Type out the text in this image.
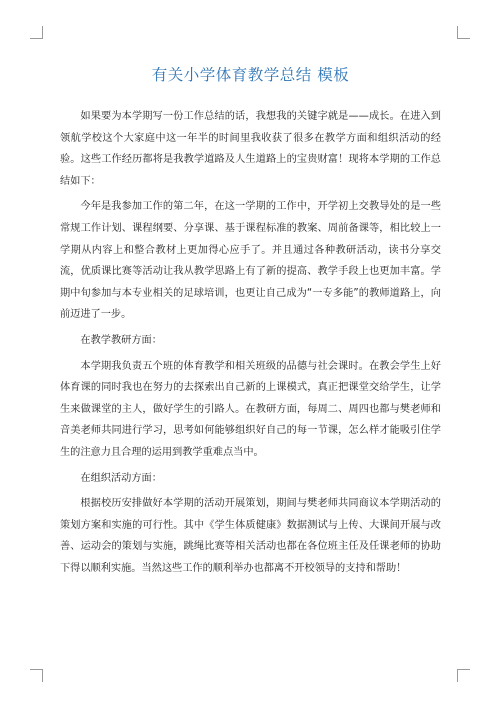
有关小学体育教学总结 模板

如果要为本学期写一份工作总结的话，我想我的关键字就是——成长。在进入到领航学校这个大家庭中这一年半的时间里我收获了很多在教学方面和组织活动的经验。这些工作经历都将是我教学道路及人生道路上的宝贵财富！现将本学期的工作总结如下：

今年是我参加工作的第二年，在这一学期的工作中，开学初上交教导处的是一些常规工作计划、课程纲要、分享课、基于课程标准的教案、周前备课等，相比较上一学期从内容上和整合教材上更加得心应手了。并且通过各种教研活动，读书分享交流，优质课比赛等活动让我从教学思路上有了新的提高、教学手段上也更加丰富。学期中旬参加与本专业相关的足球培训，也更让自己成为“一专多能”的教师道路上，向前迈进了一步。

在教学教研方面：

本学期我负责五个班的体育教学和相关班级的品德与社会课时。在教会学生上好体育课的同时我也在努力的去探索出自己新的上课模式，真正把课堂交给学生，让学生来做课堂的主人，做好学生的引路人。在教研方面，每周二、周四也都与樊老师和音美老师共同进行学习，思考如何能够组织好自己的每一节课，怎么样才能吸引住学生的注意力且合理的运用到教学重难点当中。

在组织活动方面：

根据校历安排做好本学期的活动开展策划，期间与樊老师共同商议本学期活动的策划方案和实施的可行性。其中《学生体质健康》数据测试与上传、大课间开展与改善、运动会的策划与实施，跳绳比赛等相关活动也都在各位班主任及任课老师的协助下得以顺利实施。当然这些工作的顺利举办也都离不开校领导的支持和帮助！
